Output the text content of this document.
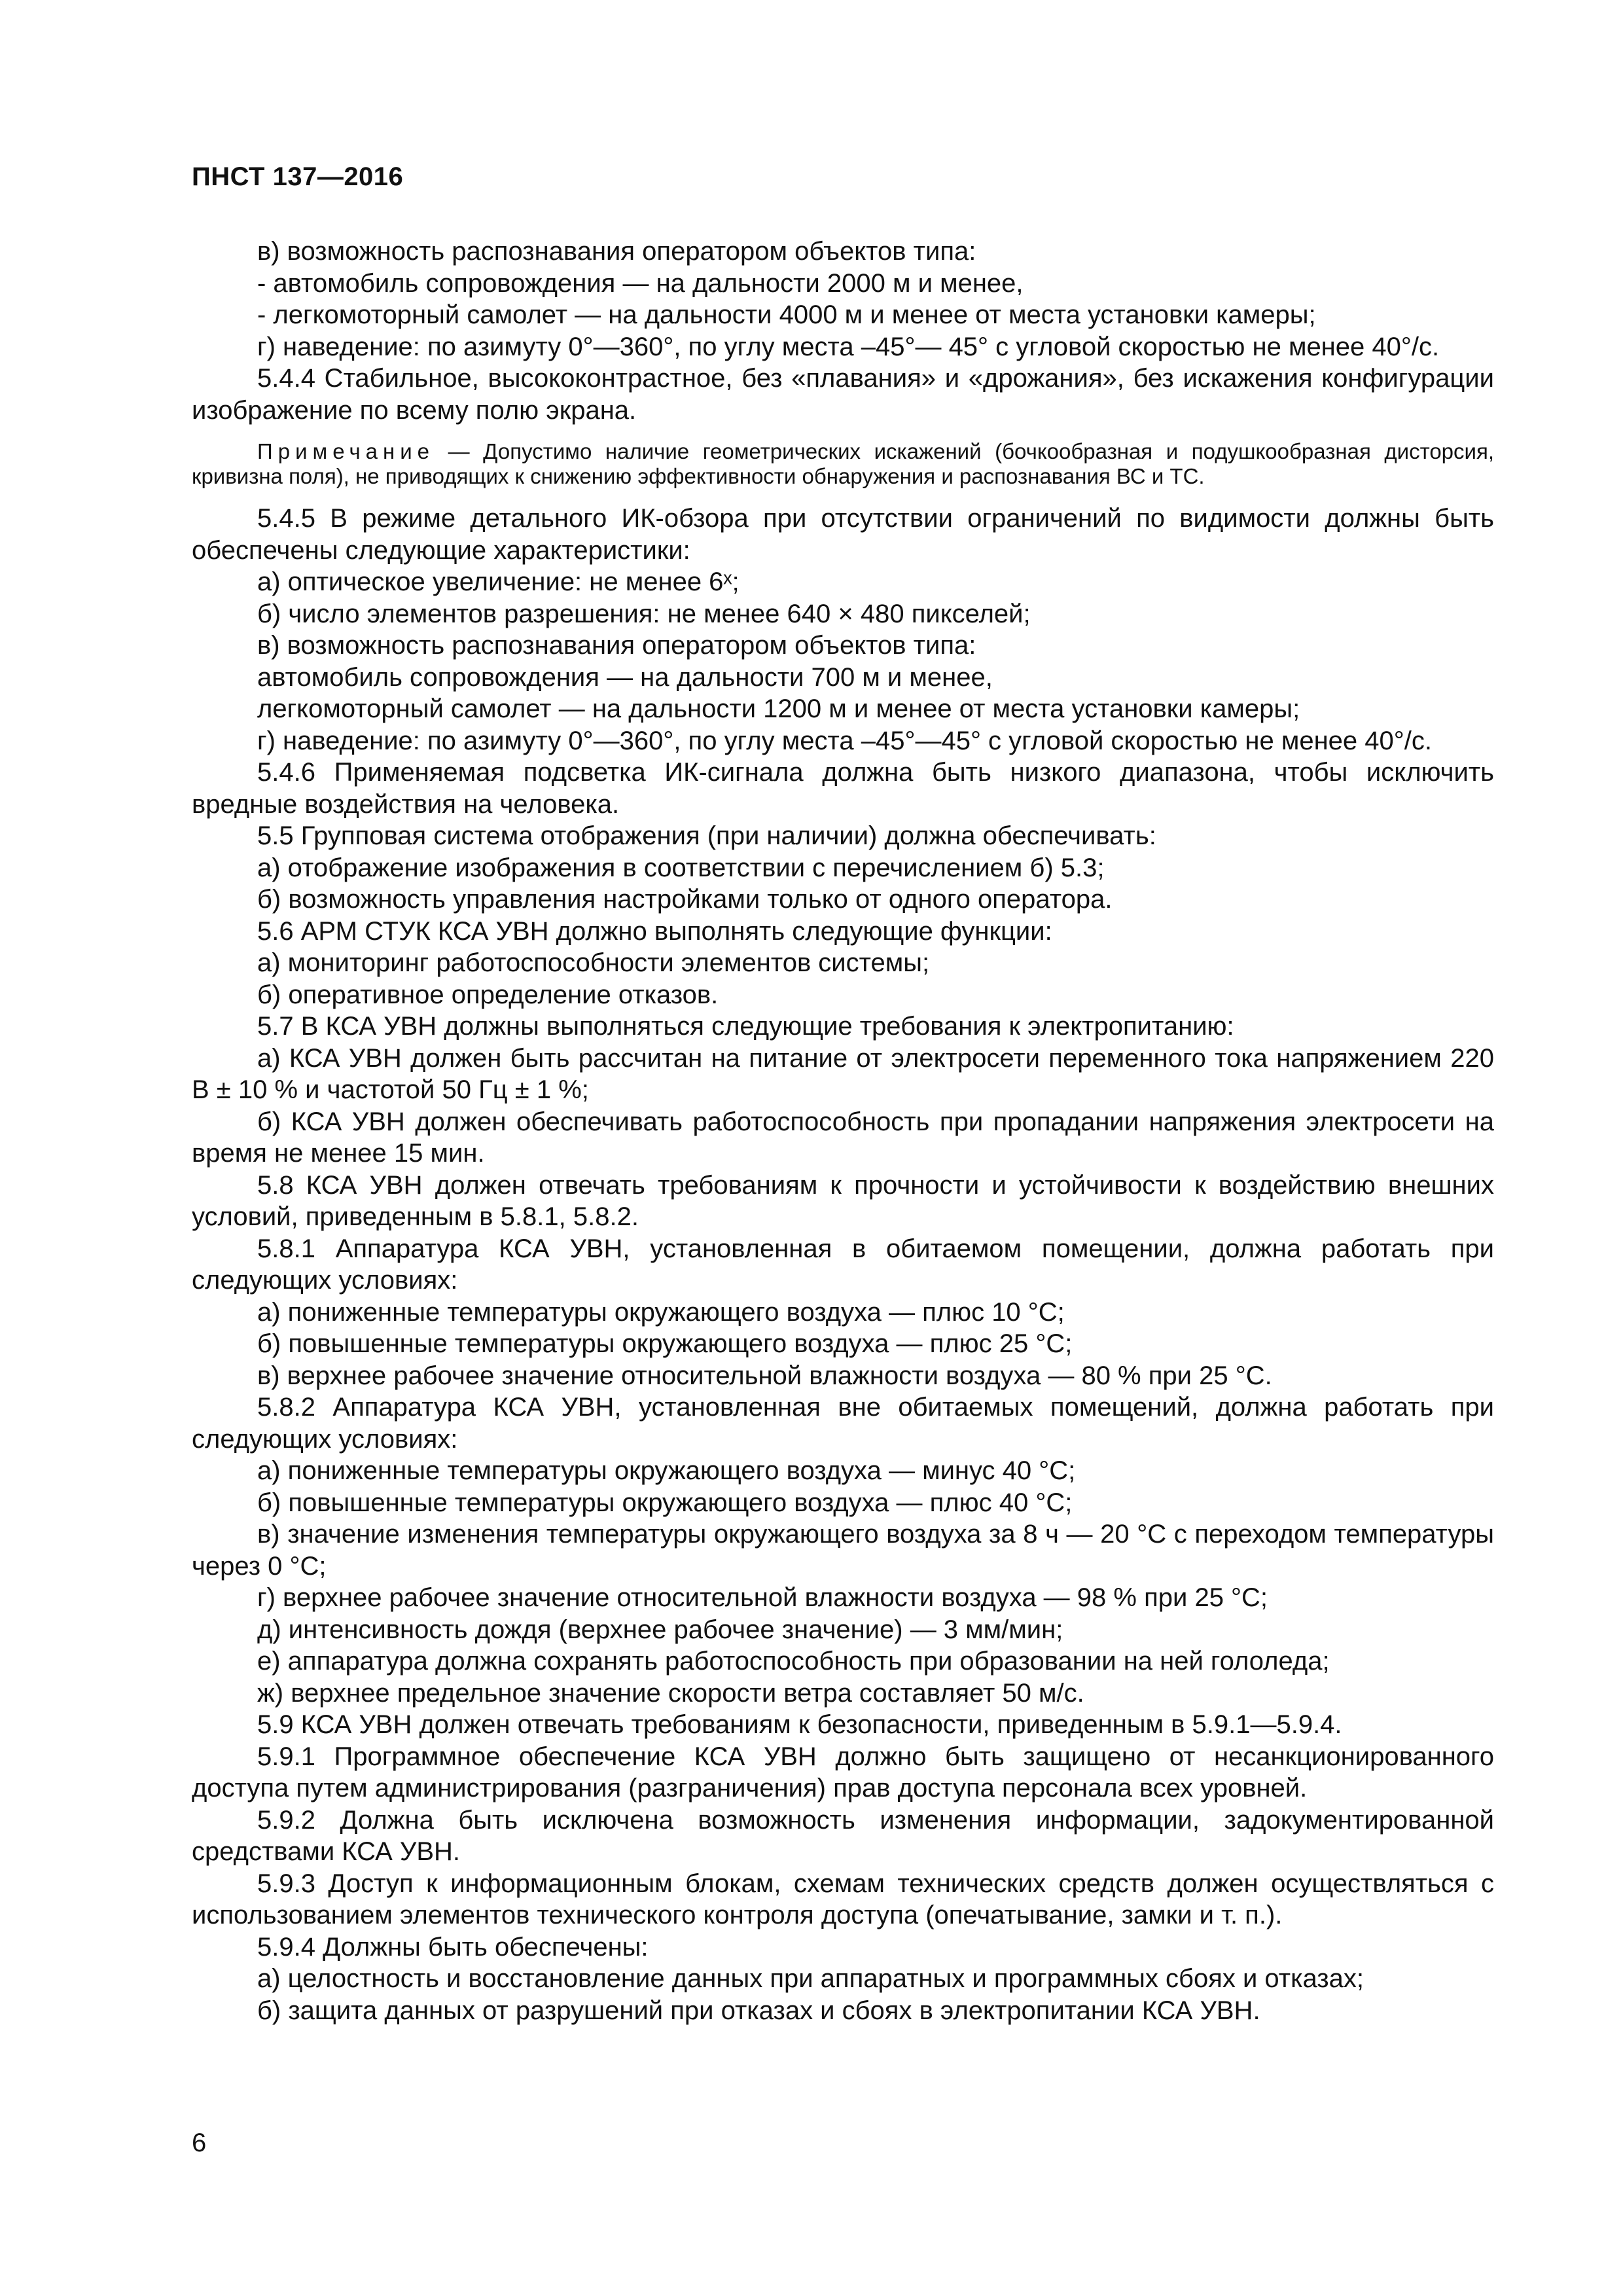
ПНСТ 137—2016

в) возможность распознавания оператором объектов типа:

- автомобиль сопровождения — на дальности 2000 м и менее,

- легкомоторный самолет — на дальности 4000 м и менее от места установки камеры;

г) наведение: по азимуту 0°—360°, по углу места –45°— 45° с угловой скоростью не менее 40°/с.

5.4.4 Стабильное, высококонтрастное, без «плавания» и «дрожания», без искажения конфигурации изображение по всему полю экрана.

Примечание — Допустимо наличие геометрических искажений (бочкообразная и подушкообразная дисторсия, кривизна поля), не приводящих к снижению эффективности обнаружения и распознавания ВС и ТС.

5.4.5 В режиме детального ИК-обзора при отсутствии ограничений по видимости должны быть обеспечены следующие характеристики:

а) оптическое увеличение: не менее 6ˣ;

б) число элементов разрешения: не менее 640 × 480 пикселей;

в) возможность распознавания оператором объектов типа:

автомобиль сопровождения — на дальности 700 м и менее,

легкомоторный самолет — на дальности 1200 м и менее от места установки камеры;

г) наведение: по азимуту 0°—360°, по углу места –45°—45° с угловой скоростью не менее 40°/с.

5.4.6 Применяемая подсветка ИК-сигнала должна быть низкого диапазона, чтобы исключить вредные воздействия на человека.

5.5 Групповая система отображения (при наличии) должна обеспечивать:

а) отображение изображения в соответствии с перечислением б) 5.3;

б) возможность управления настройками только от одного оператора.

5.6 АРМ СТУК КСА УВН должно выполнять следующие функции:

а) мониторинг работоспособности элементов системы;

б) оперативное определение отказов.

5.7 В КСА УВН должны выполняться следующие требования к электропитанию:

а) КСА УВН должен быть рассчитан на питание от электросети переменного тока напряжением 220 В ± 10 % и частотой 50 Гц ± 1 %;

б) КСА УВН должен обеспечивать работоспособность при пропадании напряжения электросети на время не менее 15 мин.

5.8 КСА УВН должен отвечать требованиям к прочности и устойчивости к воздействию внешних условий, приведенным в 5.8.1, 5.8.2.

5.8.1 Аппаратура КСА УВН, установленная в обитаемом помещении, должна работать при следующих условиях:

а) пониженные температуры окружающего воздуха — плюс 10 °С;

б) повышенные температуры окружающего воздуха — плюс 25 °С;

в) верхнее рабочее значение относительной влажности воздуха — 80 % при 25 °С.

5.8.2 Аппаратура КСА УВН, установленная вне обитаемых помещений, должна работать при следующих условиях:

а) пониженные температуры окружающего воздуха — минус 40 °С;

б) повышенные температуры окружающего воздуха — плюс 40 °С;

в) значение изменения температуры окружающего воздуха за 8 ч — 20 °С с переходом температуры через 0 °С;

г) верхнее рабочее значение относительной влажности воздуха — 98 % при 25 °С;

д) интенсивность дождя (верхнее рабочее значение) — 3 мм/мин;

е) аппаратура должна сохранять работоспособность при образовании на ней гололеда;

ж) верхнее предельное значение скорости ветра составляет 50 м/с.

5.9 КСА УВН должен отвечать требованиям к безопасности, приведенным в 5.9.1—5.9.4.

5.9.1 Программное обеспечение КСА УВН должно быть защищено от несанкционированного доступа путем администрирования (разграничения) прав доступа персонала всех уровней.

5.9.2 Должна быть исключена возможность изменения информации, задокументированной средствами КСА УВН.

5.9.3 Доступ к информационным блокам, схемам технических средств должен осуществляться с использованием элементов технического контроля доступа (опечатывание, замки и т. п.).

5.9.4 Должны быть обеспечены:

а) целостность и восстановление данных при аппаратных и программных сбоях и отказах;

б) защита данных от разрушений при отказах и сбоях в электропитании КСА УВН.

6
